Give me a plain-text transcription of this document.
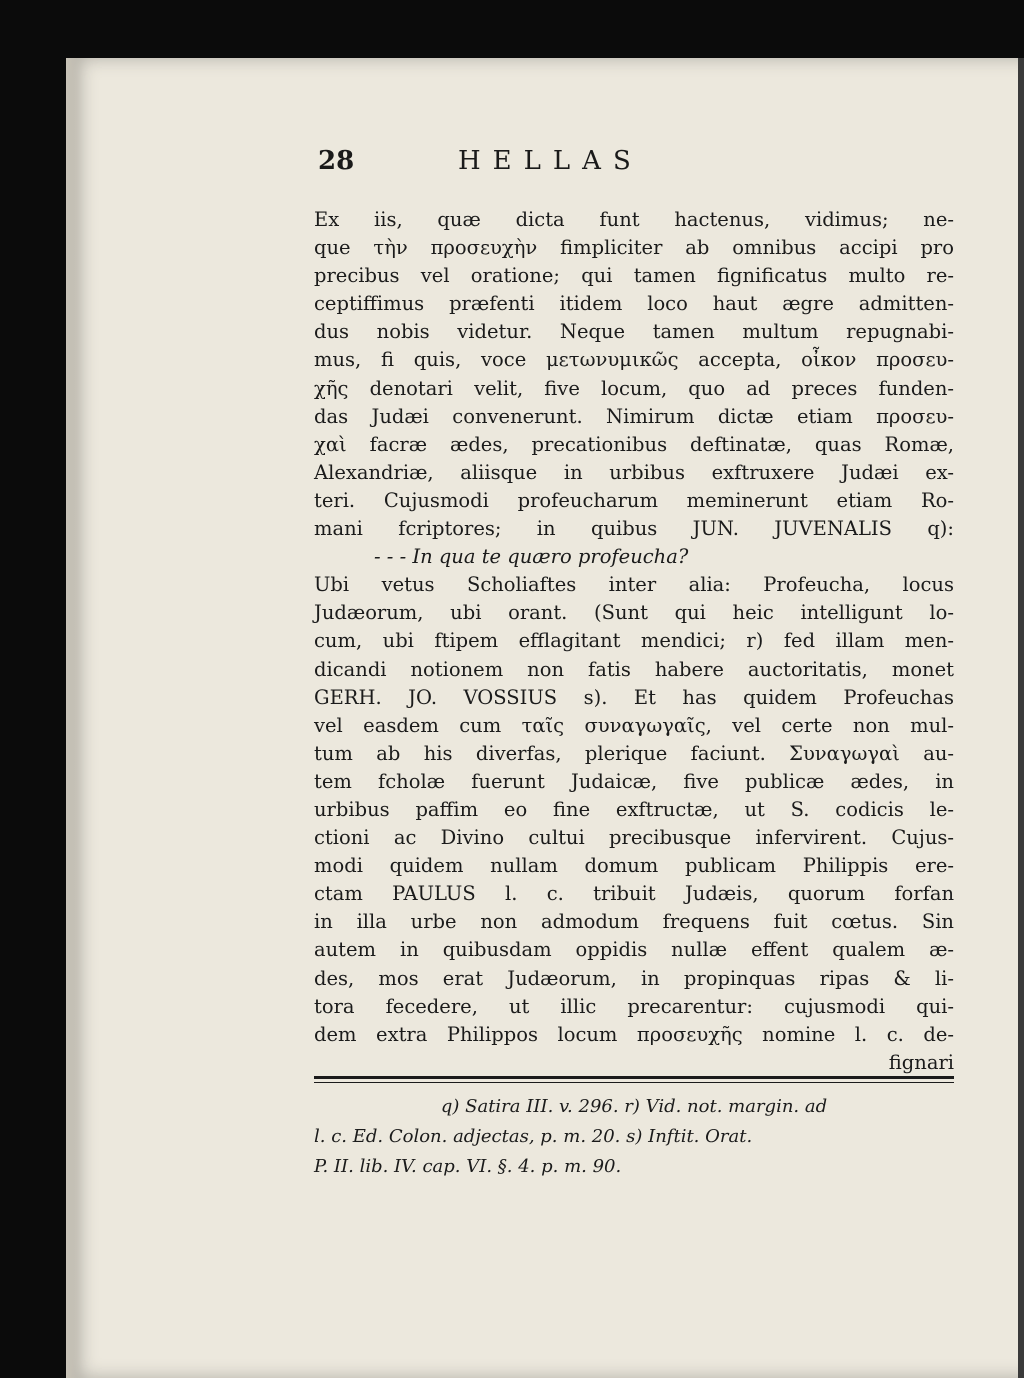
28	HELLAS
Ex iis, quæ dicta funt hactenus, vidimus; ne-
que τὴν προσευχὴν fimpliciter ab omnibus accipi pro
precibus vel oratione; qui tamen fignificatus multo re-
ceptiffimus præfenti itidem loco haut ægre admitten-
dus nobis videtur. Neque tamen multum repugnabi-
mus, fi quis, voce μετωνυμικῶς accepta, οἶκον προσευ-
χῆς denotari velit, five locum, quo ad preces funden-
das Judæi convenerunt. Nimirum dictæ etiam προσευ-
χαὶ facræ ædes, precationibus deftinatæ, quas Romæ,
Alexandriæ, aliisque in urbibus exftruxere Judæi ex-
teri. Cujusmodi profeucharum meminerunt etiam Ro-
mani fcriptores; in quibus JUN. JUVENALIS q):
- - - In qua te quæro profeucha?
Ubi vetus Scholiaftes inter alia: Profeucha, locus
Judæorum, ubi orant. (Sunt qui heic intelligunt lo-
cum, ubi ftipem efflagitant mendici; r) fed illam men-
dicandi notionem non fatis habere auctoritatis, monet
GERH. JO. VOSSIUS s). Et has quidem Profeuchas
vel easdem cum ταῖς συναγωγαῖς, vel certe non mul-
tum ab his diverfas, plerique faciunt. Συναγωγαὶ au-
tem fcholæ fuerunt Judaicæ, five publicæ ædes, in
urbibus paffim eo fine exftructæ, ut S. codicis le-
ctioni ac Divino cultui precibusque infervirent. Cujus-
modi quidem nullam domum publicam Philippis ere-
ctam PAULUS l. c. tribuit Judæis, quorum forfan
in illa urbe non admodum frequens fuit cœtus. Sin
autem in quibusdam oppidis nullæ effent qualem æ-
des, mos erat Judæorum, in propinquas ripas & li-
tora fecedere, ut illic precarentur: cujusmodi qui-
dem extra Philippos locum προσευχῆς nomine l. c. de-
fignari
q) Satira III. v. 296. r) Vid. not. margin. ad
l. c. Ed. Colon. adjectas, p. m. 20. s) Inftit. Orat.
P. II. lib. IV. cap. VI. §. 4. p. m. 90.
